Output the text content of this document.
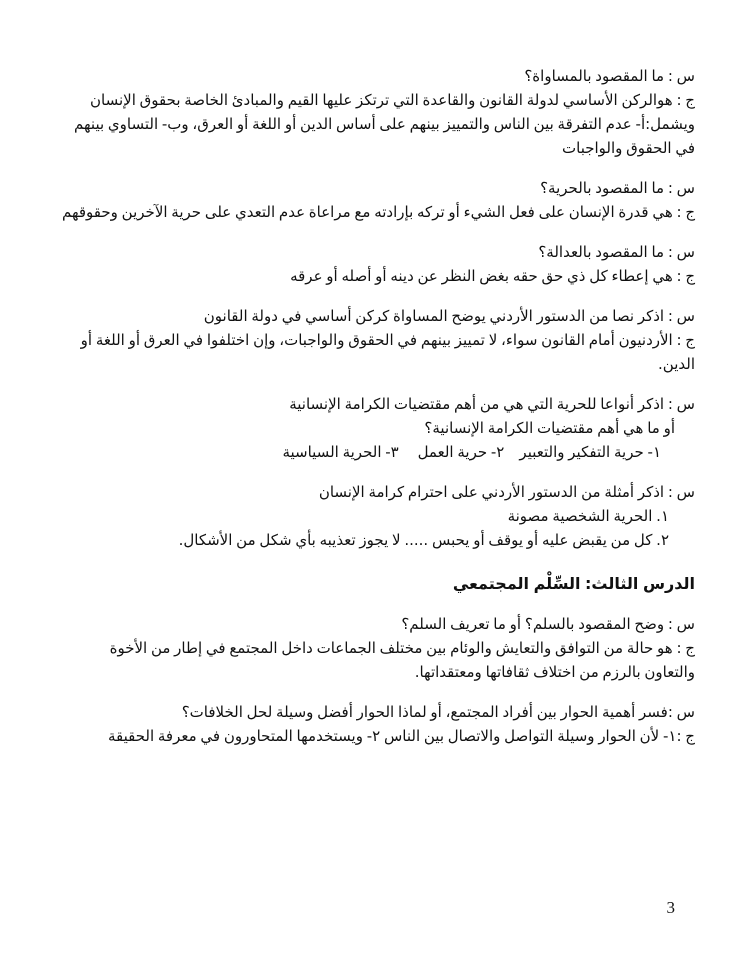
س : ما المقصود بالمساواة؟
ج : هوالركن الأساسي لدولة القانون والقاعدة التي ترتكز عليها القيم والمبادئ الخاصة بحقوق الإنسان
ويشمل:أ- عدم التفرقة بين الناس والتمييز بينهم على أساس الدين أو اللغة أو العرق، وب- التساوي بينهم
في الحقوق والواجبات
س : ما المقصود بالحرية؟
ج : هي قدرة الإنسان على فعل الشيء أو تركه بإرادته مع مراعاة عدم التعدي على حرية الآخرين وحقوقهم
س : ما المقصود بالعدالة؟
ج : هي إعطاء كل ذي حق حقه بغض النظر عن دينه أو أصله أو عرقه
س : اذكر نصا من الدستور الأردني يوضح المساواة كركن أساسي في دولة القانون
ج : الأردنيون أمام القانون سواء، لا تمييز بينهم في الحقوق والواجبات، وإن اختلفوا في العرق أو اللغة أو
الدين.
س : اذكر أنواعا للحرية التي هي من أهم مقتضيات الكرامة الإنسانية
أو ما هي أهم مقتضيات الكرامة الإنسانية؟
١- حرية التفكير والتعبير    ٢- حرية العمل     ٣- الحرية السياسية
س : اذكر أمثلة من الدستور الأردني على احترام كرامة الإنسان
١. الحرية الشخصية مصونة
٢. كل من يقبض عليه أو يوقف أو يحبس ..... لا يجوز تعذيبه بأي شكل من الأشكال.
الدرس الثالث: السِّلْم المجتمعي
س : وضح المقصود بالسلم؟ أو ما تعريف السلم؟
ج : هو حالة من التوافق والتعايش والوئام بين مختلف الجماعات داخل المجتمع في إطار من الأخوة
والتعاون بالرزم من اختلاف ثقافاتها ومعتقداتها.
س :فسر أهمية الحوار بين أفراد المجتمع، أو لماذا الحوار أفضل وسيلة لحل الخلافات؟
ج :١- لأن الحوار وسيلة التواصل والاتصال بين الناس ٢- ويستخدمها المتحاورون في معرفة الحقيقة
3
